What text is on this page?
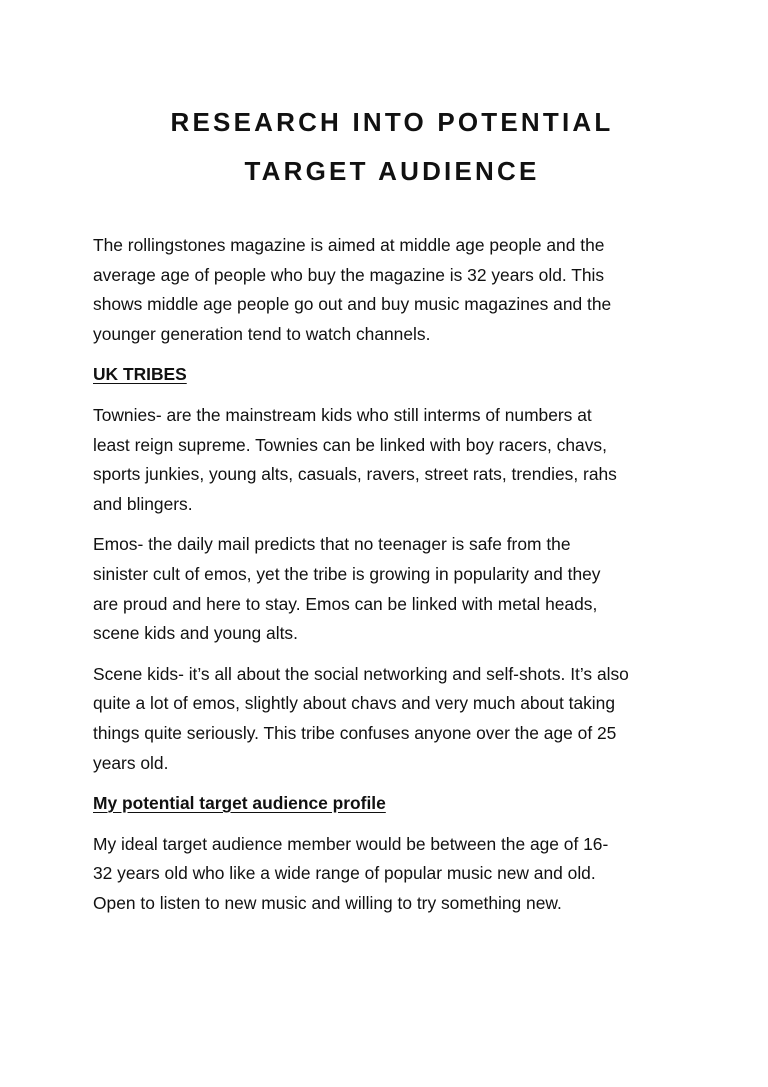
RESEARCH INTO POTENTIAL
TARGET AUDIENCE

The rollingstones magazine is aimed at middle age people and the
average age of people who buy the magazine is 32 years old. This
shows middle age people go out and buy music magazines and the
younger generation tend to watch channels.

UK TRIBES

Townies- are the mainstream kids who still interms of numbers at
least reign supreme. Townies can be linked with boy racers, chavs,
sports junkies, young alts, casuals, ravers, street rats, trendies, rahs
and blingers.

Emos- the daily mail predicts that no teenager is safe from the
sinister cult of emos, yet the tribe is growing in popularity and they
are proud and here to stay. Emos can be linked with metal heads,
scene kids and young alts.

Scene kids- it’s all about the social networking and self-shots. It’s also
quite a lot of emos, slightly about chavs and very much about taking
things quite seriously. This tribe confuses anyone over the age of 25
years old.

My potential target audience profile

My ideal target audience member would be between the age of 16-
32 years old who like a wide range of popular music new and old.
Open to listen to new music and willing to try something new.
